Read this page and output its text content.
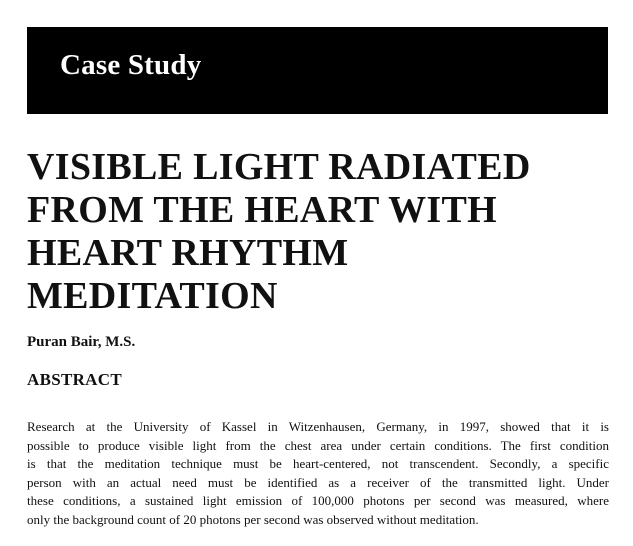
Case Study
VISIBLE LIGHT RADIATED
FROM THE HEART WITH
HEART RHYTHM
MEDITATION
Puran Bair, M.S.
ABSTRACT

Research at the University of Kassel in Witzenhausen, Germany, in 1997, showed that it is
possible to produce visible light from the chest area under certain conditions. The first condition
is that the meditation technique must be heart-centered, not transcendent. Secondly, a specific
person with an actual need must be identified as a receiver of the transmitted light. Under
these conditions, a sustained light emission of 100,000 photons per second was measured, where
only the background count of 20 photons per second was observed without meditation.
